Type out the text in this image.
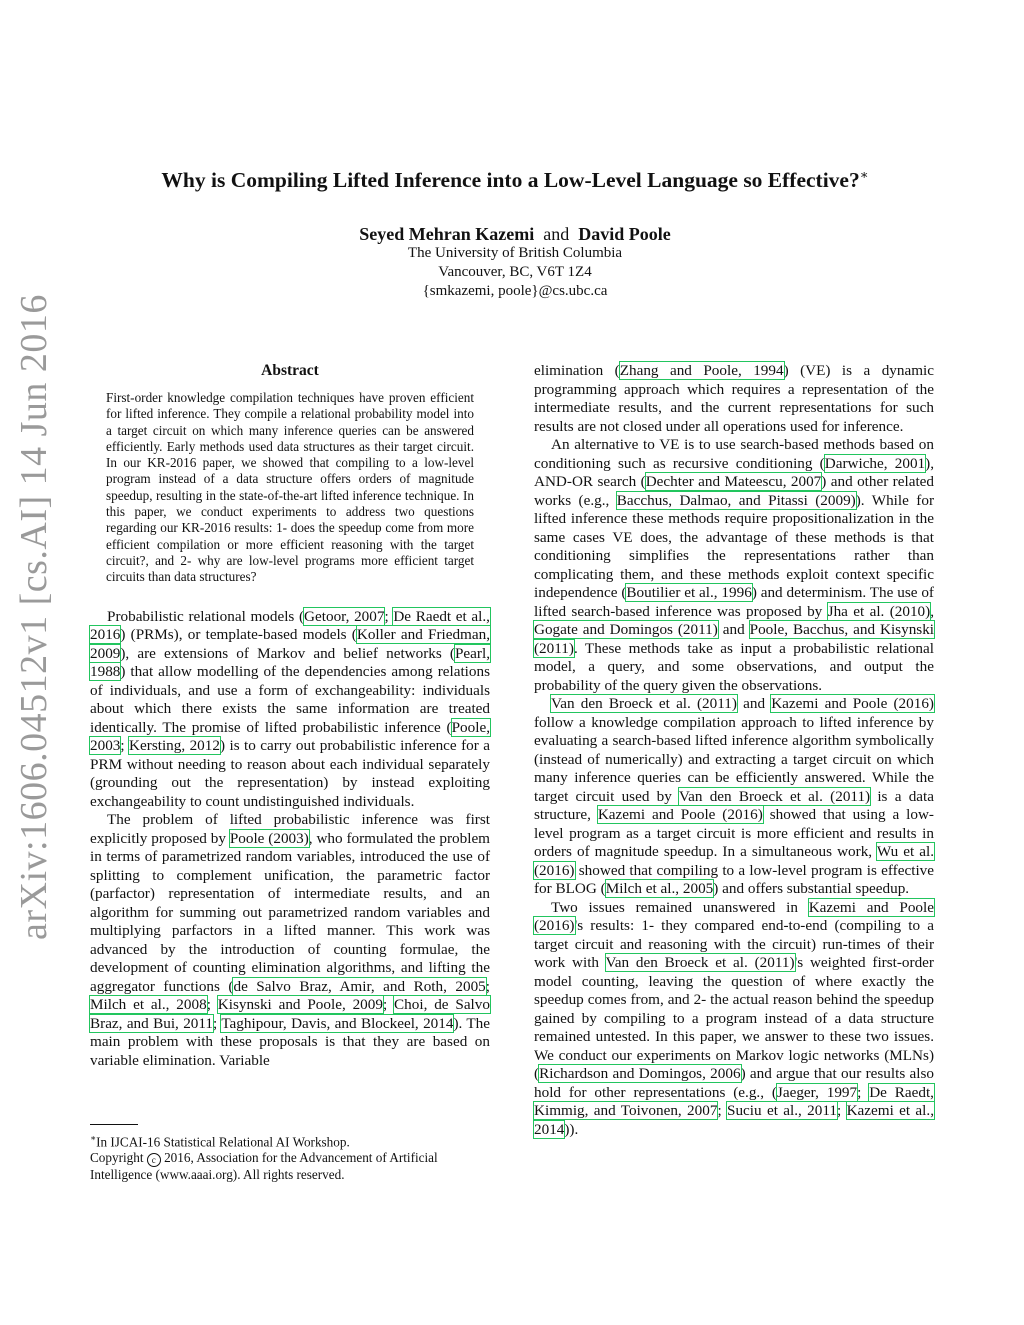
arXiv:1606.04512v1 [cs.AI] 14 Jun 2016
Why is Compiling Lifted Inference into a Low-Level Language so Effective?∗
Seyed Mehran Kazemi and David Poole
The University of British Columbia
Vancouver, BC, V6T 1Z4
{smkazemi, poole}@cs.ubc.ca
Abstract
First-order knowledge compilation techniques have proven efficient for lifted inference. They compile a relational probability model into a target circuit on which many inference queries can be answered efficiently. Early methods used data structures as their target circuit. In our KR-2016 paper, we showed that compiling to a low-level program instead of a data structure offers orders of magnitude speedup, resulting in the state-of-the-art lifted inference technique. In this paper, we conduct experiments to address two questions regarding our KR-2016 results: 1- does the speedup come from more efficient compilation or more efficient reasoning with the target circuit?, and 2- why are low-level programs more efficient target circuits than data structures?

Probabilistic relational models (Getoor, 2007; De Raedt et al., 2016) (PRMs), or template-based models (Koller and Friedman, 2009), are extensions of Markov and belief networks (Pearl, 1988) that allow modelling of the dependencies among relations of individuals, and use a form of exchangeability: individuals about which there exists the same information are treated identically. The promise of lifted probabilistic inference (Poole, 2003; Kersting, 2012) is to carry out probabilistic inference for a PRM without needing to reason about each individual separately (grounding out the representation) by instead exploiting exchangeability to count undistinguished individuals.

The problem of lifted probabilistic inference was first explicitly proposed by Poole (2003), who formulated the problem in terms of parametrized random variables, introduced the use of splitting to complement unification, the parametric factor (parfactor) representation of intermediate results, and an algorithm for summing out parametrized random variables and multiplying parfactors in a lifted manner. This work was advanced by the introduction of counting formulae, the development of counting elimination algorithms, and lifting the aggregator functions (de Salvo Braz, Amir, and Roth, 2005; Milch et al., 2008; Kisynski and Poole, 2009; Choi, de Salvo Braz, and Bui, 2011; Taghipour, Davis, and Blockeel, 2014). The main problem with these proposals is that they are based on variable elimination. Variable

∗In IJCAI-16 Statistical Relational AI Workshop.
Copyright c 2016, Association for the Advancement of Artificial Intelligence (www.aaai.org). All rights reserved.

elimination (Zhang and Poole, 1994) (VE) is a dynamic programming approach which requires a representation of the intermediate results, and the current representations for such results are not closed under all operations used for inference.

An alternative to VE is to use search-based methods based on conditioning such as recursive conditioning (Darwiche, 2001), AND-OR search (Dechter and Mateescu, 2007) and other related works (e.g., Bacchus, Dalmao, and Pitassi (2009)). While for lifted inference these methods require propositionalization in the same cases VE does, the advantage of these methods is that conditioning simplifies the representations rather than complicating them, and these methods exploit context specific independence (Boutilier et al., 1996) and determinism. The use of lifted search-based inference was proposed by Jha et al. (2010), Gogate and Domingos (2011) and Poole, Bacchus, and Kisynski (2011). These methods take as input a probabilistic relational model, a query, and some observations, and output the probability of the query given the observations.

Van den Broeck et al. (2011) and Kazemi and Poole (2016) follow a knowledge compilation approach to lifted inference by evaluating a search-based lifted inference algorithm symbolically (instead of numerically) and extracting a target circuit on which many inference queries can be efficiently answered. While the target circuit used by Van den Broeck et al. (2011) is a data structure, Kazemi and Poole (2016) showed that using a low-level program as a target circuit is more efficient and results in orders of magnitude speedup. In a simultaneous work, Wu et al. (2016) showed that compiling to a low-level program is effective for BLOG (Milch et al., 2005) and offers substantial speedup.

Two issues remained unanswered in Kazemi and Poole (2016)'s results: 1- they compared end-to-end (compiling to a target circuit and reasoning with the circuit) run-times of their work with Van den Broeck et al. (2011)'s weighted first-order model counting, leaving the question of where exactly the speedup comes from, and 2- the actual reason behind the speedup gained by compiling to a program instead of a data structure remained untested. In this paper, we answer to these two issues. We conduct our experiments on Markov logic networks (MLNs) (Richardson and Domingos, 2006) and argue that our results also hold for other representations (e.g., (Jaeger, 1997; De Raedt, Kimmig, and Toivonen, 2007; Suciu et al., 2011; Kazemi et al., 2014)).
